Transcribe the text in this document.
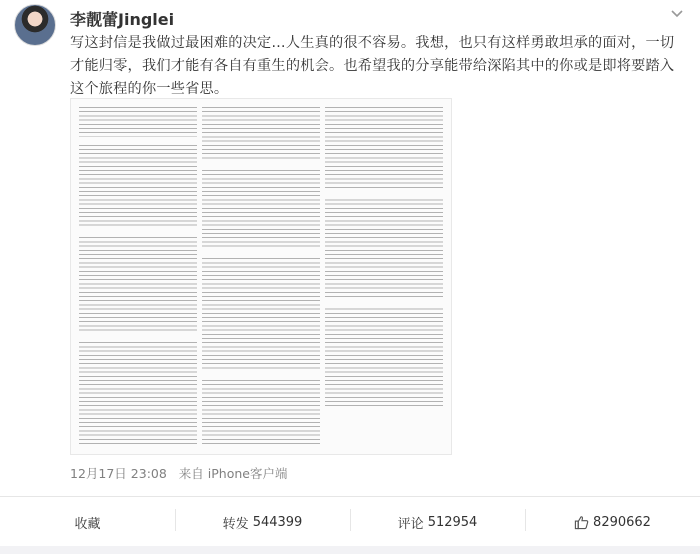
李靓蕾Jinglei
写这封信是我做过最困难的决定…人生真的很不容易。我想，也只有这样勇敢坦承的面对，一切才能归零，我们才能有各自有重生的机会。也希望我的分享能带给深陷其中的你或是即将要踏入这个旅程的你一些省思。
12月17日 23:08 来自 iPhone客户端
收藏	转发 544399	评论 512954	8290662
